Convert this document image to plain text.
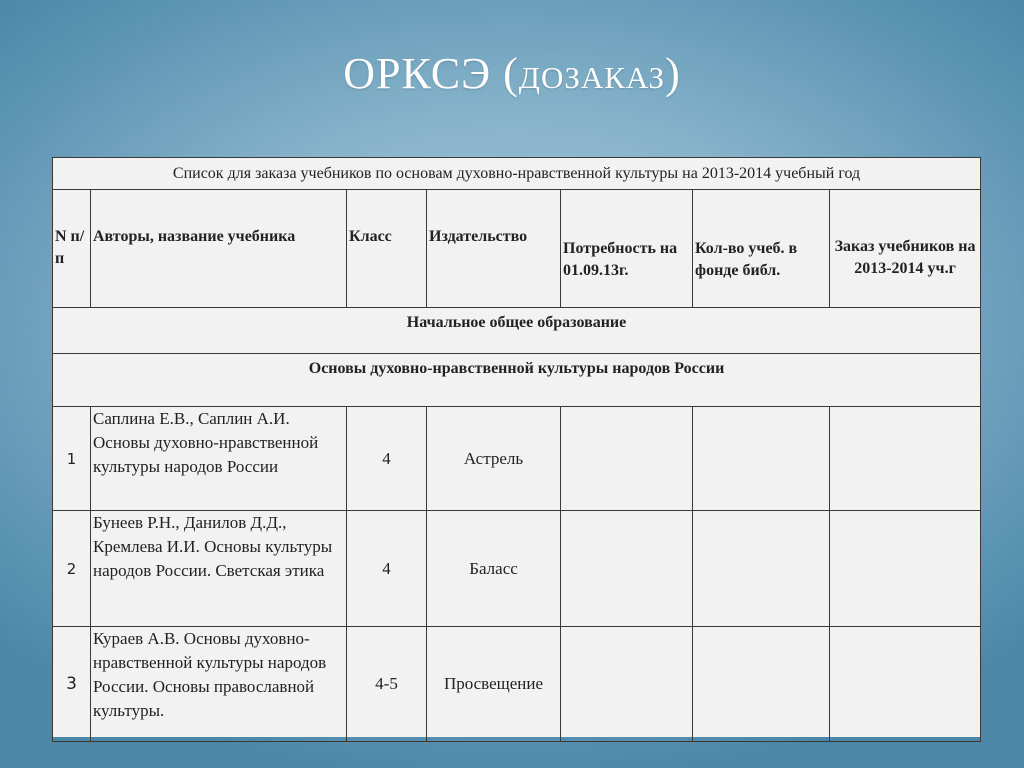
ОРКСЭ (дозаказ)
Список для заказа учебников по основам духовно-нравственной культуры на 2013-2014 учебный год						
N п/п	Авторы, название учебника	Класс	Издательство	Потребность на 01.09.13г.	Кол-во учеб. в фонде библ.	Заказ учебников на 2013-2014 уч.г
Начальное общее образование						
Основы духовно-нравственной культуры народов России						
1	Саплина Е.В., Саплин А.И. Основы духовно-нравственной культуры народов России	4	Астрель			
2	Бунеев Р.Н., Данилов Д.Д., Кремлева И.И. Основы культуры народов России. Светская этика	4	Баласс			
3	Кураев А.В. Основы духовно-нравственной культуры народов России. Основы православной культуры.	4-5	Просвещение			
